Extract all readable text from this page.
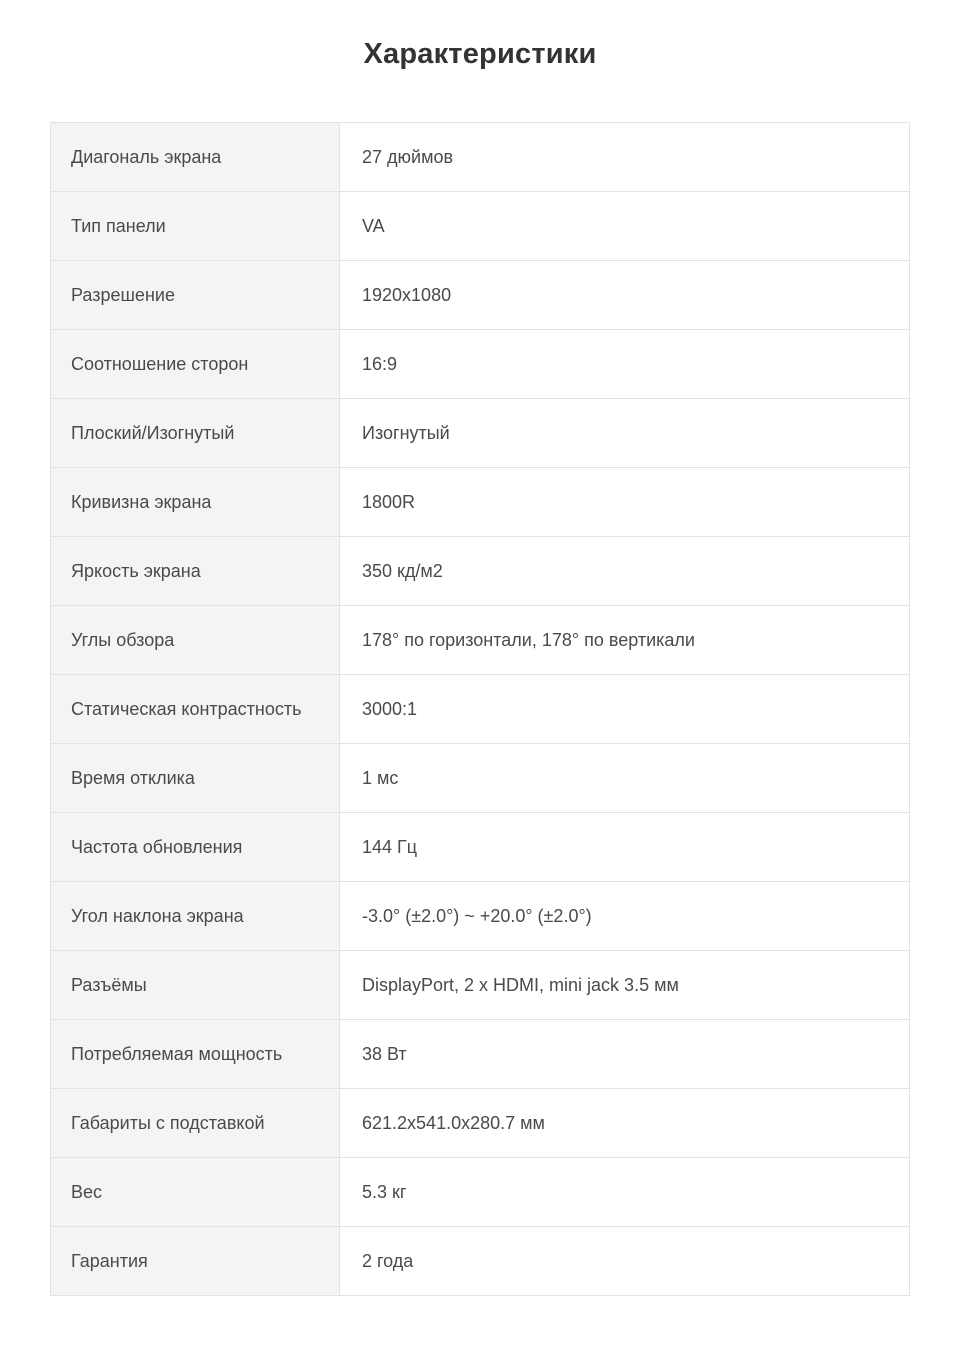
Характеристики
Диагональ экрана	27 дюймов
Тип панели	VA
Разрешение	1920x1080
Соотношение сторон	16:9
Плоский/Изогнутый	Изогнутый
Кривизна экрана	1800R
Яркость экрана	350 кд/м2
Углы обзора	178° по горизонтали, 178° по вертикали
Статическая контрастность	3000:1
Время отклика	1 мс
Частота обновления	144 Гц
Угол наклона экрана	-3.0° (±2.0°) ~ +20.0° (±2.0°)
Разъёмы	DisplayPort, 2 x HDMI, mini jack 3.5 мм
Потребляемая мощность	38 Вт
Габариты с подставкой	621.2x541.0x280.7 мм
Вес	5.3 кг
Гарантия	2 года
